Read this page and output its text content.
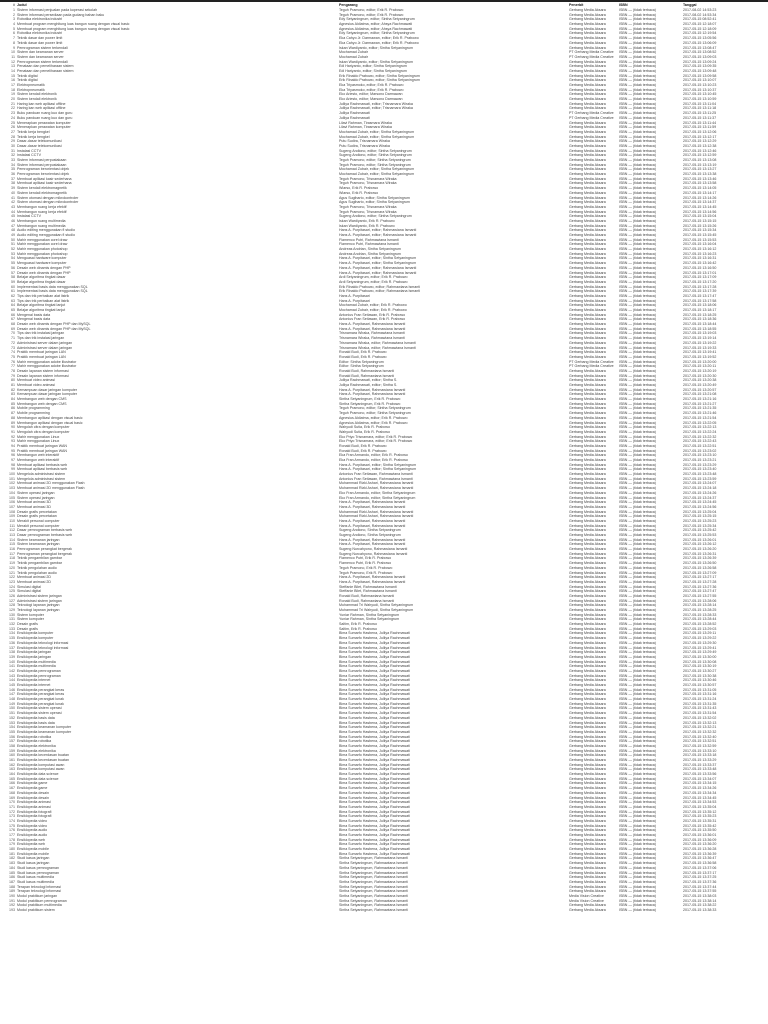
# Judul	Pengarang	Penerbit	ISBN	Tanggal
1 Sistem informasi penjualan pada koperasi sekolah	Teguh Pramono, editor; Erik R. Prabowo	Gerbang Media Aksara	ISBN — (tidak terbaca)	2017-08-02 14:53:23
2 Sistem informasi persediaan pada gudang bahan baku	Teguh Pramono, editor; Erik R. Prabowo	Gerbang Media Aksara	ISBN — (tidak terbaca)	2017-08-02 14:53:34
3 Robotika elektronika industri	Edy Setyaningrum, editor; Sintha Setyaningrum	Gerbang Media Aksara	ISBN — (tidak terbaca)	2017-05-15 08:52:41
4 Membuat program menghitung luas bangun ruang dengan visual basic	Agnesius Aldiatma, editor; Ahsya Rachmawati	Gerbang Media Aksara	ISBN — (tidak terbaca)	2017-05-15 12:18:07
5 Membuat program menghitung luas bangun ruang dengan visual basic	Agnesius Aldiatma, editor; Ahsya Rachmawati	Gerbang Media Aksara	ISBN — (tidak terbaca)	2017-05-15 12:18:09
6 Robotika elektronika industri	Edy Setyaningrum, editor; Sintha Setyaningrum	Gerbang Media Aksara	ISBN — (tidak terbaca)	2017-05-15 12:19:54
7 Teknik dasar dan power limit	Eka Cahyo Jr. Darmawan, editor; Erik R. Prabowo	Gerbang Media Aksara	ISBN — (tidak terbaca)	2017-05-15 13:05:56
8 Teknik dasar dan power limit	Eka Cahyo Jr. Darmawan, editor; Erik R. Prabowo	Gerbang Media Aksara	ISBN — (tidak terbaca)	2017-05-15 13:06:09
9 Pemrograman sistem terkendali	Iskan Wardiyanto, editor; Sintha Setyaningrum	Gerbang Media Aksara	ISBN — (tidak terbaca)	2017-05-15 13:08:47
10 Sistem dan keamanan server	Mochamad Zubair	PT Gerbang Media Creative	ISBN — (tidak terbaca)	2017-05-15 13:08:52
11 Sistem dan keamanan server	Mochamad Zubair	PT Gerbang Media Creative	ISBN — (tidak terbaca)	2017-05-15 13:09:03
12 Pemrograman sistem terkendali	Iskan Wardiyanto, editor; Sintha Setyaningrum	Gerbang Media Aksara	ISBN — (tidak terbaca)	2017-05-15 13:09:24
13 Penataan dan pemeliharaan sistem	Edi Hariyanto, editor; Sintha Setyaningrum	Gerbang Media Aksara	ISBN — (tidak terbaca)	2017-05-15 13:09:35
14 Penataan dan pemeliharaan sistem	Edi Hariyanto, editor; Sintha Setyaningrum	Gerbang Media Aksara	ISBN — (tidak terbaca)	2017-05-15 13:09:48
15 Teknik digital	Erik Rinaldo Prabowo, editor; Sintha Setyaningrum	Gerbang Media Aksara	ISBN — (tidak terbaca)	2017-05-15 13:09:58
16 Teknik digital	Erik Rinaldo Prabowo, editor; Sintha Setyaningrum	Gerbang Media Aksara	ISBN — (tidak terbaca)	2017-05-15 13:10:07
17 Elektropneumatik	Eka Triyasmoko, editor; Erik R. Prabowo	Gerbang Media Aksara	ISBN — (tidak terbaca)	2017-05-15 13:10:23
18 Elektropneumatik	Eka Triyasmoko, editor; Erik R. Prabowo	Gerbang Media Aksara	ISBN — (tidak terbaca)	2017-05-15 13:10:37
19 Sistem kendali elektronik	Eko Ariesto, editor; Marsono Darmawan	Gerbang Media Aksara	ISBN — (tidak terbaca)	2017-05-15 13:10:45
20 Sistem kendali elektronik	Eko Ariesto, editor; Marsono Darmawan	Gerbang Media Aksara	ISBN — (tidak terbaca)	2017-05-15 13:10:59
21 Haring kan web aplikasi offline	Julliya Rachmawati, editor; Trisnamara Wiraka	Gerbang Media Aksara	ISBN — (tidak terbaca)	2017-05-15 13:11:04
22 Haring kan web aplikasi offline	Julliya Rachmawati, editor; Trisnamara Wiraka	Gerbang Media Aksara	ISBN — (tidak terbaca)	2017-05-15 13:11:18
23 Buku panduan ruang kuo dan guru	Julliya Rachmawati	PT Gerbang Media Creative	ISBN — (tidak terbaca)	2017-05-15 13:11:25
24 Buku panduan ruang kuo dan guru	Julliya Rachmawati	PT Gerbang Media Creative	ISBN — (tidak terbaca)	2017-05-15 13:11:37
25 Menerapkan perawatan komputer	Lilavi Rahman, Tirasmara Wiraka	Gerbang Media Aksara	ISBN — (tidak terbaca)	2017-05-15 13:11:44
26 Menerapkan perawatan komputer	Lilavi Rahman, Tirasmara Wiraka	Gerbang Media Aksara	ISBN — (tidak terbaca)	2017-05-15 13:11:59
27 Teknik kerja bengkel	Mochamad Zubair, editor; Sintha Setyaningrum	Gerbang Media Aksara	ISBN — (tidak terbaca)	2017-05-15 13:12:06
28 Teknik kerja bengkel	Mochamad Zubair, editor; Sintha Setyaningrum	Gerbang Media Aksara	ISBN — (tidak terbaca)	2017-05-15 13:12:17
29 Dasar-dasar telekomunikasi	Putu Sudira, Trisnamara Wiraka	Gerbang Media Aksara	ISBN — (tidak terbaca)	2017-05-15 13:12:29
30 Dasar-dasar telekomunikasi	Putu Sudira, Trisnamara Wiraka	Gerbang Media Aksara	ISBN — (tidak terbaca)	2017-05-15 13:12:38
31 Instalasi CCTV	Sugeng Andiono, editor; Sintha Setyaningrum	Gerbang Media Aksara	ISBN — (tidak terbaca)	2017-05-15 13:12:46
32 Instalasi CCTV	Sugeng Andiono, editor; Sintha Setyaningrum	Gerbang Media Aksara	ISBN — (tidak terbaca)	2017-05-15 13:12:59
33 Sistem informasi perpustakaan	Teguh Pramono, editor; Sintha Setyaningrum	Gerbang Media Aksara	ISBN — (tidak terbaca)	2017-05-15 13:13:08
34 Sistem informasi perpustakaan	Teguh Pramono, editor; Sintha Setyaningrum	Gerbang Media Aksara	ISBN — (tidak terbaca)	2017-05-15 13:13:19
35 Pemrograman berorientasi objek	Mochamad Zubair, editor; Sintha Setyaningrum	Gerbang Media Aksara	ISBN — (tidak terbaca)	2017-05-15 13:13:27
36 Pemrograman berorientasi objek	Mochamad Zubair, editor; Sintha Setyaningrum	Gerbang Media Aksara	ISBN — (tidak terbaca)	2017-05-15 13:13:38
37 Membuat aplikasi kasir sederhana	Teguh Pramono, Trisnamara Wiraka	Gerbang Media Aksara	ISBN — (tidak terbaca)	2017-05-15 13:13:46
38 Membuat aplikasi kasir sederhana	Teguh Pramono, Trisnamara Wiraka	Gerbang Media Aksara	ISBN — (tidak terbaca)	2017-05-15 13:13:58
39 Sistem kendali elektromagnetik	Wiarso, Erik R. Prabowo	Gerbang Media Aksara	ISBN — (tidak terbaca)	2017-05-15 13:14:05
40 Sistem kendali elektromagnetik	Wiarso, Erik R. Prabowo	Gerbang Media Aksara	ISBN — (tidak terbaca)	2017-05-15 13:14:17
41 Sistem otomasi dengan mikrokontroler	Agus Sugiharto, editor; Sintha Setyaningrum	Gerbang Media Aksara	ISBN — (tidak terbaca)	2017-05-15 13:14:26
42 Sistem otomasi dengan mikrokontroler	Agus Sugiharto, editor; Sintha Setyaningrum	Gerbang Media Aksara	ISBN — (tidak terbaca)	2017-05-15 13:14:37
43 Membangun ruang kerja efektif	Teguh Pramono, Trisnamara Wiraka	Gerbang Media Aksara	ISBN — (tidak terbaca)	2017-05-15 13:14:45
44 Membangun ruang kerja efektif	Teguh Pramono, Trisnamara Wiraka	Gerbang Media Aksara	ISBN — (tidak terbaca)	2017-05-15 13:14:56
45 Instalasi CCTV	Sugeng Andiono, editor; Sintha Setyaningrum	Gerbang Media Aksara	ISBN — (tidak terbaca)	2017-05-15 13:15:04
46 Membangun ruang multimedia	Iskan Wardiyanto, Erik R. Prabowo	Gerbang Media Aksara	ISBN — (tidak terbaca)	2017-05-15 13:15:15
47 Membangun ruang multimedia	Iskan Wardiyanto, Erik R. Prabowo	Gerbang Media Aksara	ISBN — (tidak terbaca)	2017-05-15 13:15:26
48 Audio editing menggunakan fl studio	Hans A. Purpitasari, editor; Rahmawiana Ismanti	Gerbang Media Aksara	ISBN — (tidak terbaca)	2017-05-15 13:15:34
49 Audio editing menggunakan fl studio	Hans A. Purpitasari, editor; Rahmawiana Ismanti	Gerbang Media Aksara	ISBN — (tidak terbaca)	2017-05-15 13:15:45
50 Mahir menggunakan corel draw	Flamenco Putri, Rahmawiana Ismanti	Gerbang Media Aksara	ISBN — (tidak terbaca)	2017-05-15 13:15:53
51 Mahir menggunakan corel draw	Flamenco Putri, Rahmawiana Ismanti	Gerbang Media Aksara	ISBN — (tidak terbaca)	2017-05-15 13:16:04
52 Mahir menggunakan photoshop	Andreas Andrian, Sintha Setyaningrum	Gerbang Media Aksara	ISBN — (tidak terbaca)	2017-05-15 13:16:12
53 Mahir menggunakan photoshop	Andreas Andrian, Sintha Setyaningrum	Gerbang Media Aksara	ISBN — (tidak terbaca)	2017-05-15 13:16:23
54 Menguasai hardware komputer	Hans A. Purpitasari, editor; Sintha Setyaningrum	Gerbang Media Aksara	ISBN — (tidak terbaca)	2017-05-15 13:16:31
55 Menguasai hardware komputer	Hans A. Purpitasari, editor; Sintha Setyaningrum	Gerbang Media Aksara	ISBN — (tidak terbaca)	2017-05-15 13:16:42
56 Desain web dinamis dengan PHP	Hans A. Purpitasari, editor; Rahmawiana Ismanti	Gerbang Media Aksara	ISBN — (tidak terbaca)	2017-05-15 13:16:50
57 Desain web dinamis dengan PHP	Hans A. Purpitasari, editor; Rahmawiana Ismanti	Gerbang Media Aksara	ISBN — (tidak terbaca)	2017-05-15 13:17:01
58 Belajar algoritma tingkat dasar	Ardi Setyaningrum, editor; Erik R. Prabowo	Gerbang Media Aksara	ISBN — (tidak terbaca)	2017-05-15 13:17:09
59 Belajar algoritma tingkat dasar	Ardi Setyaningrum, editor; Erik R. Prabowo	Gerbang Media Aksara	ISBN — (tidak terbaca)	2017-05-15 13:17:20
60 Implementasi basis data menggunakan SQL	Erik Rinaldo Prabowo, editor; Rahmawiana Ismanti	Gerbang Media Aksara	ISBN — (tidak terbaca)	2017-05-15 13:17:28
61 Implementasi basis data menggunakan SQL	Erik Rinaldo Prabowo, editor; Rahmawiana Ismanti	Gerbang Media Aksara	ISBN — (tidak terbaca)	2017-05-15 13:17:39
62 Tips dan trik perbaikan alat listrik	Hans A. Purpitasari	Gerbang Media Aksara	ISBN — (tidak terbaca)	2017-05-15 13:17:47
63 Tips dan trik perbaikan alat listrik	Hans A. Purpitasari	Gerbang Media Aksara	ISBN — (tidak terbaca)	2017-05-15 13:17:58
64 Belajar algoritma tingkat lanjut	Mochamad Zubair, editor; Erik R. Prabowo	Gerbang Media Aksara	ISBN — (tidak terbaca)	2017-05-15 13:18:06
65 Belajar algoritma tingkat lanjut	Mochamad Zubair, editor; Erik R. Prabowo	Gerbang Media Aksara	ISBN — (tidak terbaca)	2017-05-15 13:18:17
66 Mengenal basis data	Antonius Fran Setiawan, Erik R. Prabowo	Gerbang Media Aksara	ISBN — (tidak terbaca)	2017-05-15 13:18:25
67 Mengenal basis data	Antonius Fran Setiawan, Erik R. Prabowo	Gerbang Media Aksara	ISBN — (tidak terbaca)	2017-05-15 13:18:36
68 Desain web dinamis dengan PHP dan MySQL	Hans A. Purpitasari, Rahmawiana Ismanti	Gerbang Media Aksara	ISBN — (tidak terbaca)	2017-05-15 13:18:44
69 Desain web dinamis dengan PHP dan MySQL	Hans A. Purpitasari, Rahmawiana Ismanti	Gerbang Media Aksara	ISBN — (tidak terbaca)	2017-05-15 13:18:55
70 Tips dan trik instalasi jaringan	Trisnamara Wiraka, Rahmawiana Ismanti	Gerbang Media Aksara	ISBN — (tidak terbaca)	2017-05-15 13:19:03
71 Tips dan trik instalasi jaringan	Trisnamara Wiraka, Rahmawiana Ismanti	Gerbang Media Aksara	ISBN — (tidak terbaca)	2017-05-15 13:19:14
72 Administrasi server dalam jaringan	Trisnamara Wiraka, editor; Rahmawiana Ismanti	Gerbang Media Aksara	ISBN — (tidak terbaca)	2017-05-15 13:19:22
73 Administrasi server dalam jaringan	Trisnamara Wiraka, editor; Rahmawiana Ismanti	Gerbang Media Aksara	ISBN — (tidak terbaca)	2017-05-15 13:19:33
74 Praktik membuat jaringan LAN	Ronald Budi, Erik R. Prabowo	Gerbang Media Aksara	ISBN — (tidak terbaca)	2017-05-15 13:19:41
75 Praktik membuat jaringan LAN	Ronald Budi, Erik R. Prabowo	Gerbang Media Aksara	ISBN — (tidak terbaca)	2017-05-15 13:19:52
76 Mahir menggunakan adobe illustrator	Editor: Sintha Setyaningrum	PT Gerbang Media Creative	ISBN — (tidak terbaca)	2017-05-15 13:20:00
77 Mahir menggunakan adobe illustrator	Editor: Sintha Setyaningrum	PT Gerbang Media Creative	ISBN — (tidak terbaca)	2017-05-15 13:20:11
78 Desain layanan sistem informasi	Ronald Budi, Rahmawiana Ismanti	Gerbang Media Aksara	ISBN — (tidak terbaca)	2017-05-15 13:20:19
79 Desain layanan sistem informasi	Ronald Budi, Rahmawiana Ismanti	Gerbang Media Aksara	ISBN — (tidak terbaca)	2017-05-15 13:20:30
80 Membuat video animasi	Julliya Rachmawati, editor; Sintha S.	Gerbang Media Aksara	ISBN — (tidak terbaca)	2017-05-15 13:20:38
81 Membuat video animasi	Julliya Rachmawati, editor; Sintha S.	Gerbang Media Aksara	ISBN — (tidak terbaca)	2017-05-15 13:20:49
82 Kemampuan dasar jaringan komputer	Hans A. Purpitasari, Rahmawiana Ismanti	Gerbang Media Aksara	ISBN — (tidak terbaca)	2017-05-15 13:20:57
83 Kemampuan dasar jaringan komputer	Hans A. Purpitasari, Rahmawiana Ismanti	Gerbang Media Aksara	ISBN — (tidak terbaca)	2017-05-15 13:21:08
84 Membangun web dengan CMS	Sintha Setyaningrum, Erik R. Prabowo	Gerbang Media Aksara	ISBN — (tidak terbaca)	2017-05-15 13:21:16
85 Membangun web dengan CMS	Sintha Setyaningrum, Erik R. Prabowo	Gerbang Media Aksara	ISBN — (tidak terbaca)	2017-05-15 13:21:27
86 Mobile programming	Teguh Pramono, editor; Sintha Setyaningrum	Gerbang Media Aksara	ISBN — (tidak terbaca)	2017-05-15 13:21:35
87 Mobile programming	Teguh Pramono, editor; Sintha Setyaningrum	Gerbang Media Aksara	ISBN — (tidak terbaca)	2017-05-15 13:21:46
88 Membangun aplikasi dengan visual basic	Agnesius Aldiatma, editor; Erik R. Prabowo	Gerbang Media Aksara	ISBN — (tidak terbaca)	2017-05-15 13:21:54
89 Membangun aplikasi dengan visual basic	Agnesius Aldiatma, editor; Erik R. Prabowo	Gerbang Media Aksara	ISBN — (tidak terbaca)	2017-05-15 13:22:05
90 Mengolah citra dengan komputer	Wahyudi Sutia, Erik R. Prabowo	Gerbang Media Aksara	ISBN — (tidak terbaca)	2017-05-15 13:22:13
91 Mengolah citra dengan komputer	Wahyudi Sutia, Erik R. Prabowo	Gerbang Media Aksara	ISBN — (tidak terbaca)	2017-05-15 13:22:24
92 Mahir menggunakan Linux	Eko Priyo Trisnamara, editor; Erik R. Prabowo	Gerbang Media Aksara	ISBN — (tidak terbaca)	2017-05-15 13:22:32
93 Mahir menggunakan Linux	Eko Priyo Trisnamara, editor; Erik R. Prabowo	Gerbang Media Aksara	ISBN — (tidak terbaca)	2017-05-15 13:22:43
94 Praktik membuat jaringan WAN	Ronald Budi, Erik R. Prabowo	Gerbang Media Aksara	ISBN — (tidak terbaca)	2017-05-15 13:22:51
95 Praktik membuat jaringan WAN	Ronald Budi, Erik R. Prabowo	Gerbang Media Aksara	ISBN — (tidak terbaca)	2017-05-15 13:23:02
96 Membangun web interaktif	Eka Fran Armando, editor; Erik R. Prabowo	Gerbang Media Aksara	ISBN — (tidak terbaca)	2017-05-15 13:23:10
97 Membangun web interaktif	Eka Fran Armando, editor; Erik R. Prabowo	Gerbang Media Aksara	ISBN — (tidak terbaca)	2017-05-15 13:23:21
98 Membuat aplikasi berbasis web	Hans A. Purpitasari, editor; Sintha Setyaningrum	Gerbang Media Aksara	ISBN — (tidak terbaca)	2017-05-15 13:23:29
99 Membuat aplikasi berbasis web	Hans A. Purpitasari, editor; Sintha Setyaningrum	Gerbang Media Aksara	ISBN — (tidak terbaca)	2017-05-15 13:23:40
100 Mengelola administrasi sistem	Antonius Fran Setiawan, Rahmawiana Ismanti	Gerbang Media Aksara	ISBN — (tidak terbaca)	2017-05-15 13:23:48
101 Mengelola administrasi sistem	Antonius Fran Setiawan, Rahmawiana Ismanti	Gerbang Media Aksara	ISBN — (tidak terbaca)	2017-05-15 13:23:59
102 Membuat animasi 2D menggunakan Flash	Muhammad Rizki Ashari, Rahmawiana Ismanti	Gerbang Media Aksara	ISBN — (tidak terbaca)	2017-05-15 13:24:07
103 Membuat animasi 2D menggunakan Flash	Muhammad Rizki Ashari, Rahmawiana Ismanti	Gerbang Media Aksara	ISBN — (tidak terbaca)	2017-05-15 13:24:18
104 Sistem operasi jaringan	Eko Fran Armando, editor; Sintha Setyaningrum	Gerbang Media Aksara	ISBN — (tidak terbaca)	2017-05-15 13:24:26
105 Sistem operasi jaringan	Eko Fran Armando, editor; Sintha Setyaningrum	Gerbang Media Aksara	ISBN — (tidak terbaca)	2017-05-15 13:24:37
106 Membuat animasi 3D	Hans A. Purpitasari, Rahmawiana Ismanti	Gerbang Media Aksara	ISBN — (tidak terbaca)	2017-05-15 13:24:45
107 Membuat animasi 3D	Hans A. Purpitasari, Rahmawiana Ismanti	Gerbang Media Aksara	ISBN — (tidak terbaca)	2017-05-15 13:24:56
108 Desain grafis percetakan	Muhammad Rizki Ashari, Rahmawiana Ismanti	Gerbang Media Aksara	ISBN — (tidak terbaca)	2017-05-15 13:25:04
109 Desain grafis percetakan	Muhammad Rizki Ashari, Rahmawiana Ismanti	Gerbang Media Aksara	ISBN — (tidak terbaca)	2017-05-15 13:25:15
110 Merakit personal computer	Hans A. Purpitasari, Rahmawiana Ismanti	Gerbang Media Aksara	ISBN — (tidak terbaca)	2017-05-15 13:25:23
111 Merakit personal computer	Hans A. Purpitasari, Rahmawiana Ismanti	Gerbang Media Aksara	ISBN — (tidak terbaca)	2017-05-15 13:25:34
112 Dasar pemrograman berbasis web	Sugeng Andiono, Sintha Setyaningrum	Gerbang Media Aksara	ISBN — (tidak terbaca)	2017-05-15 13:25:42
113 Dasar pemrograman berbasis web	Sugeng Andiono, Sintha Setyaningrum	Gerbang Media Aksara	ISBN — (tidak terbaca)	2017-05-15 13:25:53
114 Sistem keamanan jaringan	Hans A. Purpitasari, Rahmawiana Ismanti	Gerbang Media Aksara	ISBN — (tidak terbaca)	2017-05-15 13:26:01
115 Sistem keamanan jaringan	Hans A. Purpitasari, Rahmawiana Ismanti	Gerbang Media Aksara	ISBN — (tidak terbaca)	2017-05-15 13:26:12
116 Pemrograman perangkat bergerak	Sugeng Nurcahyono, Rahmawiana Ismanti	Gerbang Media Aksara	ISBN — (tidak terbaca)	2017-05-15 13:26:20
117 Pemrograman perangkat bergerak	Sugeng Nurcahyono, Rahmawiana Ismanti	Gerbang Media Aksara	ISBN — (tidak terbaca)	2017-05-15 13:26:31
118 Teknik pengambilan gambar	Flamenco Putri, Erik R. Prabowo	Gerbang Media Aksara	ISBN — (tidak terbaca)	2017-05-15 13:26:39
119 Teknik pengambilan gambar	Flamenco Putri, Erik R. Prabowo	Gerbang Media Aksara	ISBN — (tidak terbaca)	2017-05-15 13:26:50
120 Teknik pengolahan audio	Teguh Pramono, Erik R. Prabowo	Gerbang Media Aksara	ISBN — (tidak terbaca)	2017-05-15 13:26:58
121 Teknik pengolahan audio	Teguh Pramono, Erik R. Prabowo	Gerbang Media Aksara	ISBN — (tidak terbaca)	2017-05-15 13:27:09
122 Membuat animasi 2D	Hans A. Purpitasari, Rahmawiana Ismanti	Gerbang Media Aksara	ISBN — (tidak terbaca)	2017-05-15 13:27:17
123 Membuat animasi 2D	Hans A. Purpitasari, Rahmawiana Ismanti	Gerbang Media Aksara	ISBN — (tidak terbaca)	2017-05-15 13:27:28
124 Simulasi digital	Steffanie Bilet, Rahmawiana Ismanti	Gerbang Media Aksara	ISBN — (tidak terbaca)	2017-05-15 13:27:36
125 Simulasi digital	Steffanie Bilet, Rahmawiana Ismanti	Gerbang Media Aksara	ISBN — (tidak terbaca)	2017-05-15 13:27:47
126 Administrasi sistem jaringan	Ronald Budi, Rahmawiana Ismanti	Gerbang Media Aksara	ISBN — (tidak terbaca)	2017-05-15 13:27:55
127 Administrasi sistem jaringan	Ronald Budi, Rahmawiana Ismanti	Gerbang Media Aksara	ISBN — (tidak terbaca)	2017-05-15 13:28:06
128 Teknologi layanan jaringan	Muhammad Tri Wahyudi, Sintha Setyaningrum	Gerbang Media Aksara	ISBN — (tidak terbaca)	2017-05-15 13:28:14
129 Teknologi layanan jaringan	Muhammad Tri Wahyudi, Sintha Setyaningrum	Gerbang Media Aksara	ISBN — (tidak terbaca)	2017-05-15 13:28:25
130 Sistem komputer	Yuniar Rahman, Sintha Setyaningrum	Gerbang Media Aksara	ISBN — (tidak terbaca)	2017-05-15 13:28:33
131 Sistem komputer	Yuniar Rahman, Sintha Setyaningrum	Gerbang Media Aksara	ISBN — (tidak terbaca)	2017-05-15 13:28:44
132 Desain grafis	Saltim, Erik R. Prabowo	Gerbang Media Aksara	ISBN — (tidak terbaca)	2017-05-15 13:28:52
133 Desain grafis	Saltim, Erik R. Prabowo	Gerbang Media Aksara	ISBN — (tidak terbaca)	2017-05-15 13:29:03
134 Ensiklopedia komputer	Bima Sumarfo Hasbena, Julliya Rachmawati	Gerbang Media Aksara	ISBN — (tidak terbaca)	2017-05-15 13:29:11
135 Ensiklopedia komputer	Bima Sumarfo Hasbena, Julliya Rachmawati	Gerbang Media Aksara	ISBN — (tidak terbaca)	2017-05-15 13:29:22
136 Ensiklopedia teknologi informasi	Bima Sumarfo Hasbena, Julliya Rachmawati	Gerbang Media Aksara	ISBN — (tidak terbaca)	2017-05-15 13:29:30
137 Ensiklopedia teknologi informasi	Bima Sumarfo Hasbena, Julliya Rachmawati	Gerbang Media Aksara	ISBN — (tidak terbaca)	2017-05-15 13:29:41
138 Ensiklopedia jaringan	Bima Sumarfo Hasbena, Julliya Rachmawati	Gerbang Media Aksara	ISBN — (tidak terbaca)	2017-05-15 13:29:49
139 Ensiklopedia jaringan	Bima Sumarfo Hasbena, Julliya Rachmawati	Gerbang Media Aksara	ISBN — (tidak terbaca)	2017-05-15 13:30:00
140 Ensiklopedia multimedia	Bima Sumarfo Hasbena, Julliya Rachmawati	Gerbang Media Aksara	ISBN — (tidak terbaca)	2017-05-15 13:30:08
141 Ensiklopedia multimedia	Bima Sumarfo Hasbena, Julliya Rachmawati	Gerbang Media Aksara	ISBN — (tidak terbaca)	2017-05-15 13:30:19
142 Ensiklopedia pemrograman	Bima Sumarfo Hasbena, Julliya Rachmawati	Gerbang Media Aksara	ISBN — (tidak terbaca)	2017-05-15 13:30:27
143 Ensiklopedia pemrograman	Bima Sumarfo Hasbena, Julliya Rachmawati	Gerbang Media Aksara	ISBN — (tidak terbaca)	2017-05-15 13:30:38
144 Ensiklopedia internet	Bima Sumarfo Hasbena, Julliya Rachmawati	Gerbang Media Aksara	ISBN — (tidak terbaca)	2017-05-15 13:30:46
145 Ensiklopedia internet	Bima Sumarfo Hasbena, Julliya Rachmawati	Gerbang Media Aksara	ISBN — (tidak terbaca)	2017-05-15 13:30:57
146 Ensiklopedia perangkat keras	Bima Sumarfo Hasbena, Julliya Rachmawati	Gerbang Media Aksara	ISBN — (tidak terbaca)	2017-05-15 13:31:05
147 Ensiklopedia perangkat keras	Bima Sumarfo Hasbena, Julliya Rachmawati	Gerbang Media Aksara	ISBN — (tidak terbaca)	2017-05-15 13:31:16
148 Ensiklopedia perangkat lunak	Bima Sumarfo Hasbena, Julliya Rachmawati	Gerbang Media Aksara	ISBN — (tidak terbaca)	2017-05-15 13:31:24
149 Ensiklopedia perangkat lunak	Bima Sumarfo Hasbena, Julliya Rachmawati	Gerbang Media Aksara	ISBN — (tidak terbaca)	2017-05-15 13:31:35
150 Ensiklopedia sistem operasi	Bima Sumarfo Hasbena, Julliya Rachmawati	Gerbang Media Aksara	ISBN — (tidak terbaca)	2017-05-15 13:31:43
151 Ensiklopedia sistem operasi	Bima Sumarfo Hasbena, Julliya Rachmawati	Gerbang Media Aksara	ISBN — (tidak terbaca)	2017-05-15 13:31:54
152 Ensiklopedia basis data	Bima Sumarfo Hasbena, Julliya Rachmawati	Gerbang Media Aksara	ISBN — (tidak terbaca)	2017-05-15 13:32:02
153 Ensiklopedia basis data	Bima Sumarfo Hasbena, Julliya Rachmawati	Gerbang Media Aksara	ISBN — (tidak terbaca)	2017-05-15 13:32:13
154 Ensiklopedia keamanan komputer	Bima Sumarfo Hasbena, Julliya Rachmawati	Gerbang Media Aksara	ISBN — (tidak terbaca)	2017-05-15 13:32:21
155 Ensiklopedia keamanan komputer	Bima Sumarfo Hasbena, Julliya Rachmawati	Gerbang Media Aksara	ISBN — (tidak terbaca)	2017-05-15 13:32:32
156 Ensiklopedia robotika	Bima Sumarfo Hasbena, Julliya Rachmawati	Gerbang Media Aksara	ISBN — (tidak terbaca)	2017-05-15 13:32:40
157 Ensiklopedia robotika	Bima Sumarfo Hasbena, Julliya Rachmawati	Gerbang Media Aksara	ISBN — (tidak terbaca)	2017-05-15 13:32:51
158 Ensiklopedia elektronika	Bima Sumarfo Hasbena, Julliya Rachmawati	Gerbang Media Aksara	ISBN — (tidak terbaca)	2017-05-15 13:32:59
159 Ensiklopedia elektronika	Bima Sumarfo Hasbena, Julliya Rachmawati	Gerbang Media Aksara	ISBN — (tidak terbaca)	2017-05-15 13:33:10
160 Ensiklopedia kecerdasan buatan	Bima Sumarfo Hasbena, Julliya Rachmawati	Gerbang Media Aksara	ISBN — (tidak terbaca)	2017-05-15 13:33:18
161 Ensiklopedia kecerdasan buatan	Bima Sumarfo Hasbena, Julliya Rachmawati	Gerbang Media Aksara	ISBN — (tidak terbaca)	2017-05-15 13:33:29
162 Ensiklopedia komputasi awan	Bima Sumarfo Hasbena, Julliya Rachmawati	Gerbang Media Aksara	ISBN — (tidak terbaca)	2017-05-15 13:33:37
163 Ensiklopedia komputasi awan	Bima Sumarfo Hasbena, Julliya Rachmawati	Gerbang Media Aksara	ISBN — (tidak terbaca)	2017-05-15 13:33:48
164 Ensiklopedia data science	Bima Sumarfo Hasbena, Julliya Rachmawati	Gerbang Media Aksara	ISBN — (tidak terbaca)	2017-05-15 13:33:56
165 Ensiklopedia data science	Bima Sumarfo Hasbena, Julliya Rachmawati	Gerbang Media Aksara	ISBN — (tidak terbaca)	2017-05-15 13:34:07
166 Ensiklopedia game	Bima Sumarfo Hasbena, Julliya Rachmawati	Gerbang Media Aksara	ISBN — (tidak terbaca)	2017-05-15 13:34:15
167 Ensiklopedia game	Bima Sumarfo Hasbena, Julliya Rachmawati	Gerbang Media Aksara	ISBN — (tidak terbaca)	2017-05-15 13:34:26
168 Ensiklopedia desain	Bima Sumarfo Hasbena, Julliya Rachmawati	Gerbang Media Aksara	ISBN — (tidak terbaca)	2017-05-15 13:34:34
169 Ensiklopedia desain	Bima Sumarfo Hasbena, Julliya Rachmawati	Gerbang Media Aksara	ISBN — (tidak terbaca)	2017-05-15 13:34:45
170 Ensiklopedia animasi	Bima Sumarfo Hasbena, Julliya Rachmawati	Gerbang Media Aksara	ISBN — (tidak terbaca)	2017-05-15 13:34:53
171 Ensiklopedia animasi	Bima Sumarfo Hasbena, Julliya Rachmawati	Gerbang Media Aksara	ISBN — (tidak terbaca)	2017-05-15 13:35:04
172 Ensiklopedia fotografi	Bima Sumarfo Hasbena, Julliya Rachmawati	Gerbang Media Aksara	ISBN — (tidak terbaca)	2017-05-15 13:35:12
173 Ensiklopedia fotografi	Bima Sumarfo Hasbena, Julliya Rachmawati	Gerbang Media Aksara	ISBN — (tidak terbaca)	2017-05-15 13:35:23
174 Ensiklopedia video	Bima Sumarfo Hasbena, Julliya Rachmawati	Gerbang Media Aksara	ISBN — (tidak terbaca)	2017-05-15 13:35:31
175 Ensiklopedia video	Bima Sumarfo Hasbena, Julliya Rachmawati	Gerbang Media Aksara	ISBN — (tidak terbaca)	2017-05-15 13:35:42
176 Ensiklopedia audio	Bima Sumarfo Hasbena, Julliya Rachmawati	Gerbang Media Aksara	ISBN — (tidak terbaca)	2017-05-15 13:35:50
177 Ensiklopedia audio	Bima Sumarfo Hasbena, Julliya Rachmawati	Gerbang Media Aksara	ISBN — (tidak terbaca)	2017-05-15 13:36:01
178 Ensiklopedia web	Bima Sumarfo Hasbena, Julliya Rachmawati	Gerbang Media Aksara	ISBN — (tidak terbaca)	2017-05-15 13:36:09
179 Ensiklopedia web	Bima Sumarfo Hasbena, Julliya Rachmawati	Gerbang Media Aksara	ISBN — (tidak terbaca)	2017-05-15 13:36:20
180 Ensiklopedia mobile	Bima Sumarfo Hasbena, Julliya Rachmawati	Gerbang Media Aksara	ISBN — (tidak terbaca)	2017-05-15 13:36:28
181 Ensiklopedia mobile	Bima Sumarfo Hasbena, Julliya Rachmawati	Gerbang Media Aksara	ISBN — (tidak terbaca)	2017-05-15 13:36:39
182 Studi kasus jaringan	Sintha Setyaningrum, Rahmawiana Ismanti	Gerbang Media Aksara	ISBN — (tidak terbaca)	2017-05-15 13:36:47
183 Studi kasus jaringan	Sintha Setyaningrum, Rahmawiana Ismanti	Gerbang Media Aksara	ISBN — (tidak terbaca)	2017-05-15 13:36:58
184 Studi kasus pemrograman	Sintha Setyaningrum, Rahmawiana Ismanti	Gerbang Media Aksara	ISBN — (tidak terbaca)	2017-05-15 13:37:06
185 Studi kasus pemrograman	Sintha Setyaningrum, Rahmawiana Ismanti	Gerbang Media Aksara	ISBN — (tidak terbaca)	2017-05-15 13:37:17
186 Studi kasus multimedia	Sintha Setyaningrum, Rahmawiana Ismanti	Gerbang Media Aksara	ISBN — (tidak terbaca)	2017-05-15 13:37:25
187 Studi kasus multimedia	Sintha Setyaningrum, Rahmawiana Ismanti	Gerbang Media Aksara	ISBN — (tidak terbaca)	2017-05-15 13:37:36
188 Terapan teknologi informasi	Sintha Setyaningrum, Rahmawiana Ismanti	Gerbang Media Aksara	ISBN — (tidak terbaca)	2017-05-15 13:37:44
189 Terapan teknologi informasi	Sintha Setyaningrum, Rahmawiana Ismanti	Gerbang Media Aksara	ISBN — (tidak terbaca)	2017-05-15 13:37:55
190 Modul praktikum jaringan	Sintha Setyaningrum, Rahmawiana Ismanti	Media Vision Creative	ISBN — (tidak terbaca)	2017-05-15 13:38:03
191 Modul praktikum pemrograman	Sintha Setyaningrum, Rahmawiana Ismanti	Media Vision Creative	ISBN — (tidak terbaca)	2017-05-15 13:38:14
192 Modul praktikum multimedia	Sintha Setyaningrum, Rahmawiana Ismanti	Gerbang Media Aksara	ISBN — (tidak terbaca)	2017-05-15 13:38:22
193 Modul praktikum sistem	Sintha Setyaningrum, Rahmawiana Ismanti	Gerbang Media Aksara	ISBN — (tidak terbaca)	2017-05-15 13:38:33
